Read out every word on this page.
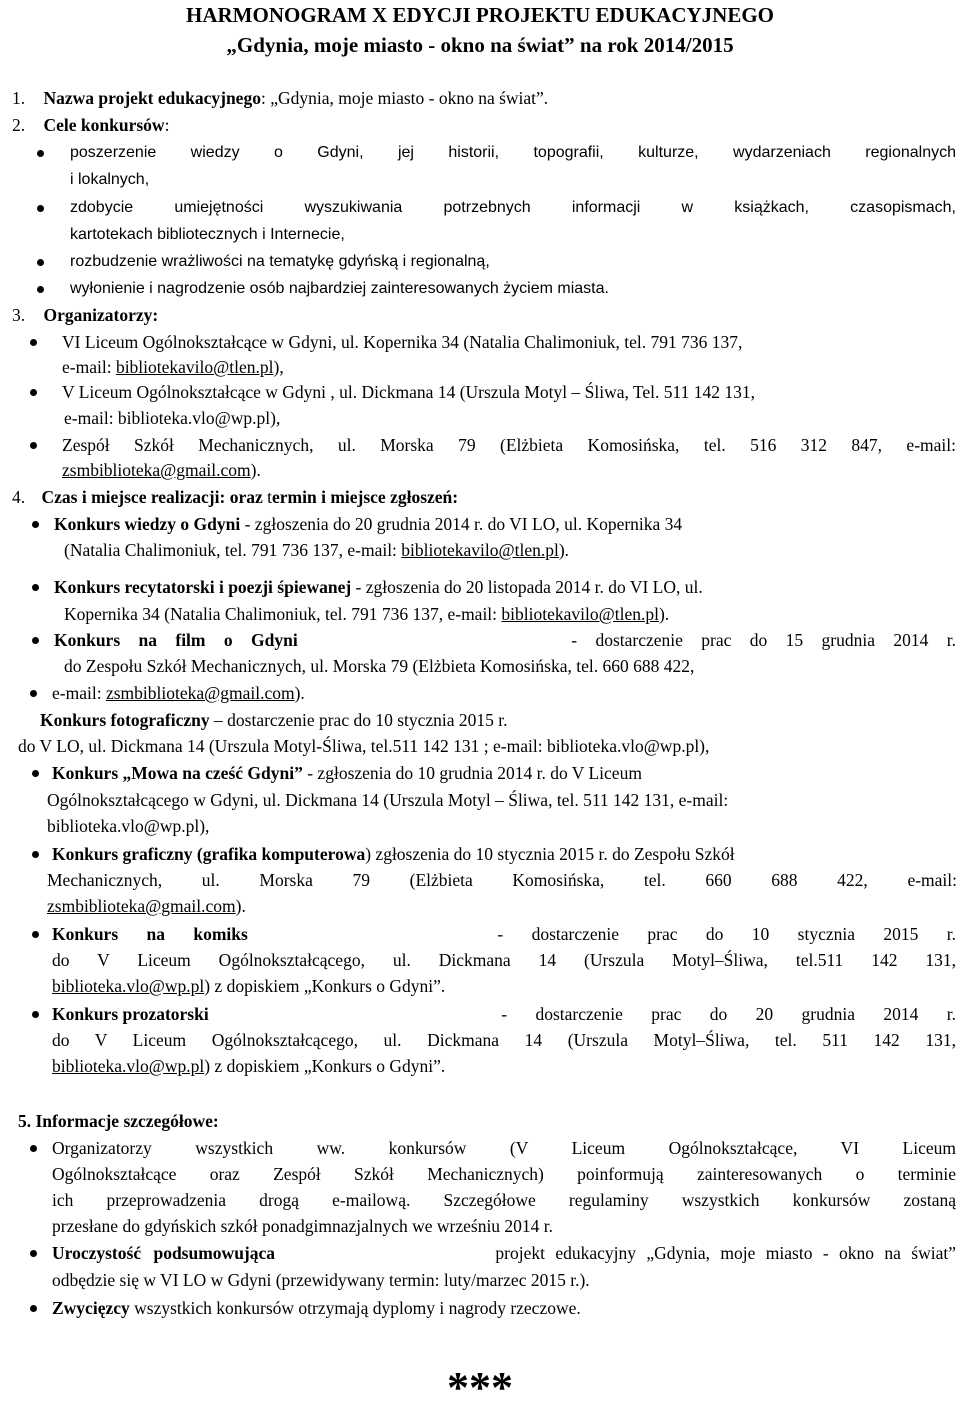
HARMONOGRAM X EDYCJI PROJEKTU EDUKACYJNEGO
„Gdynia, moje miasto - okno na świat” na rok 2014/2015
1. Nazwa projekt edukacyjnego: „Gdynia, moje miasto - okno na świat”.
2. Cele konkursów:
poszerzenie wiedzy o Gdyni, jej historii, topografii, kulturze, wydarzeniach regionalnych
i lokalnych,
zdobycie umiejętności wyszukiwania potrzebnych informacji w książkach, czasopismach,
kartotekach bibliotecznych i Internecie,
rozbudzenie wrażliwości na tematykę gdyńską i regionalną,
wyłonienie i nagrodzenie osób najbardziej zainteresowanych życiem miasta.
3. Organizatorzy:
VI Liceum Ogólnokształcące w Gdyni, ul. Kopernika 34 (Natalia Chalimoniuk, tel. 791 736 137,
e-mail: bibliotekavilo@tlen.pl),
V Liceum Ogólnokształcące w Gdyni , ul. Dickmana 14 (Urszula Motyl – Śliwa, Tel. 511 142 131,
e-mail: biblioteka.vlo@wp.pl),
Zespół Szkół Mechanicznych, ul. Morska 79 (Elżbieta Komosińska, tel. 516 312 847, e-mail:
zsmbiblioteka@gmail.com).
4. Czas i miejsce realizacji: oraz termin i miejsce zgłoszeń:
Konkurs wiedzy o Gdyni - zgłoszenia do 20 grudnia 2014 r. do VI LO, ul. Kopernika 34
(Natalia Chalimoniuk, tel. 791 736 137, e-mail: bibliotekavilo@tlen.pl).
Konkurs recytatorski i poezji śpiewanej - zgłoszenia do 20 listopada 2014 r. do VI LO, ul.
Kopernika 34 (Natalia Chalimoniuk, tel. 791 736 137, e-mail: bibliotekavilo@tlen.pl).
Konkurs na film o Gdyni	- dostarczenie prac do 15 grudnia 2014 r.
do Zespołu Szkół Mechanicznych, ul. Morska 79 (Elżbieta Komosińska, tel. 660 688 422,
e-mail: zsmbiblioteka@gmail.com).
Konkurs fotograficzny – dostarczenie prac do 10 stycznia 2015 r.
do V LO, ul. Dickmana 14 (Urszula Motyl-Śliwa, tel.511 142 131 ; e-mail: biblioteka.vlo@wp.pl),
Konkurs „Mowa na cześć Gdyni” - zgłoszenia do 10 grudnia 2014 r. do V Liceum
Ogólnokształcącego w Gdyni, ul. Dickmana 14 (Urszula Motyl – Śliwa, tel. 511 142 131, e-mail:
biblioteka.vlo@wp.pl),
Konkurs graficzny (grafika komputerowa) zgłoszenia do 10 stycznia 2015 r. do Zespołu Szkół
Mechanicznych, ul. Morska 79 (Elżbieta Komosińska, tel. 660 688 422, e-mail:
zsmbiblioteka@gmail.com).
Konkurs na komiks	- dostarczenie prac do 10 stycznia 2015 r.
do V Liceum Ogólnokształcącego, ul. Dickmana 14 (Urszula Motyl–Śliwa, tel.511 142 131,
biblioteka.vlo@wp.pl) z dopiskiem „Konkurs o Gdyni”.
Konkurs prozatorski	- dostarczenie prac do 20 grudnia 2014 r.
do V Liceum Ogólnokształcącego, ul. Dickmana 14 (Urszula Motyl–Śliwa, tel. 511 142 131,
biblioteka.vlo@wp.pl) z dopiskiem „Konkurs o Gdyni”.
5. Informacje szczegółowe:
Organizatorzy wszystkich ww. konkursów (V Liceum Ogólnokształcące, VI Liceum
Ogólnokształcące oraz Zespół Szkół Mechanicznych) poinformują zainteresowanych o terminie
ich przeprowadzenia drogą e-mailową. Szczegółowe regulaminy wszystkich konkursów zostaną
przesłane do gdyńskich szkół ponadgimnazjalnych we wrześniu 2014 r.
Uroczystość podsumowująca	projekt edukacyjny „Gdynia, moje miasto - okno na świat”
odbędzie się w VI LO w Gdyni (przewidywany termin: luty/marzec 2015 r.).
Zwycięzcy wszystkich konkursów otrzymają dyplomy i nagrody rzeczowe.
***
